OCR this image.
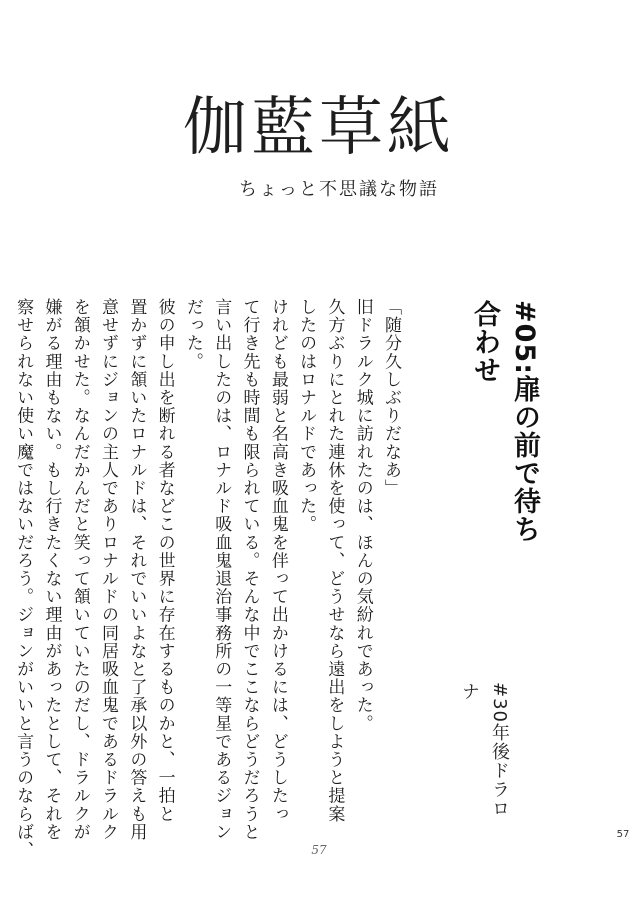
伽藍草紙
ちょっと不思議な物語
#05:扉の前で待ち合わせ
#30年後ドラロナ
「随分久しぶりだなあ」
旧ドラルク城に訪れたのは、ほんの気紛れであった。
久方ぶりにとれた連休を使って、どうせなら遠出をしようと提案
したのはロナルドであった。
けれども最弱と名高き吸血鬼を伴って出かけるには、どうしたっ
て行き先も時間も限られている。そんな中でここならどうだろうと
言い出したのは、ロナルド吸血鬼退治事務所の一等星であるジョン
だった。
彼の申し出を断れる者などこの世界に存在するものかと、一拍と
置かずに頷いたロナルドは、それでいいよなと了承以外の答えも用
意せずにジョンの主人でありロナルドの同居吸血鬼であるドラルク
を頷かせた。なんだかんだと笑って頷いていたのだし、ドラルクが
嫌がる理由もない。もし行きたくない理由があったとして、それを
察せられない使い魔ではないだろう。ジョンがいいと言うのならば、	57
57
